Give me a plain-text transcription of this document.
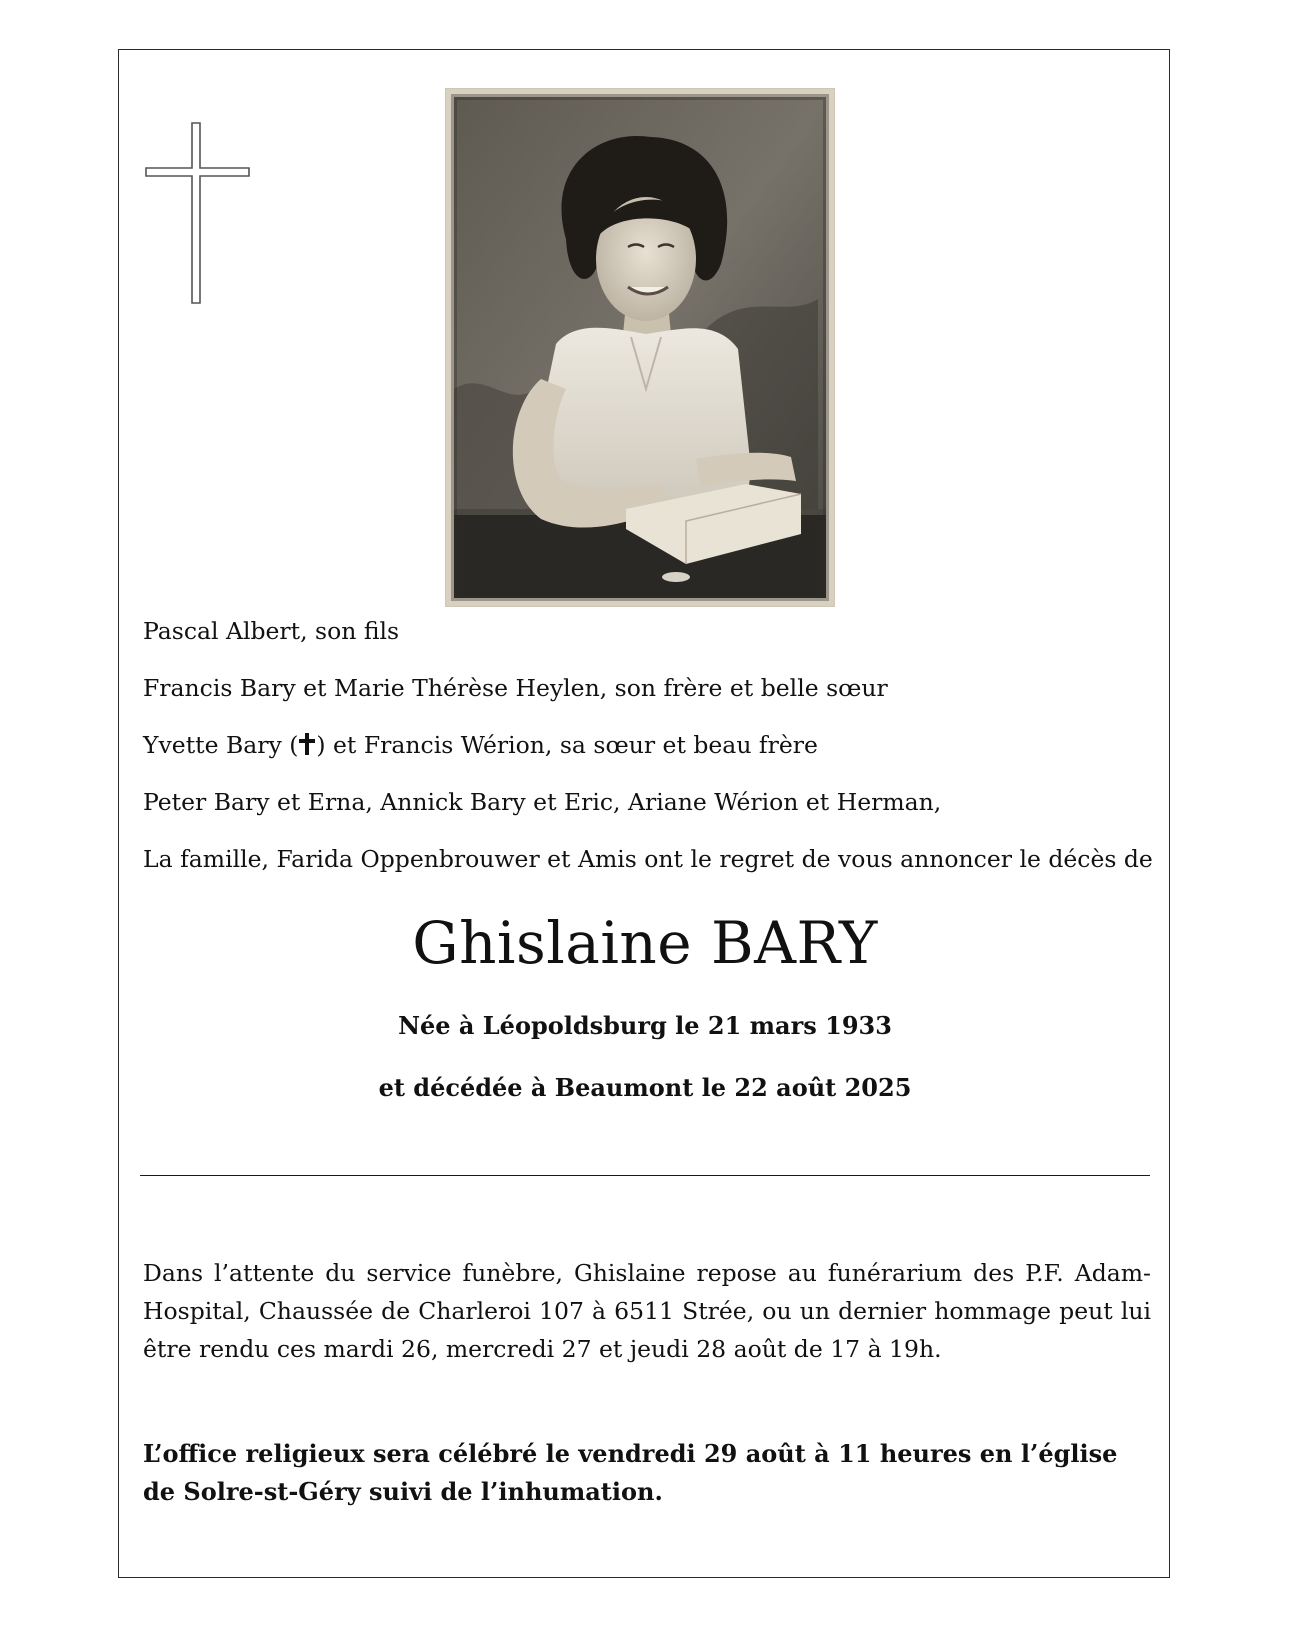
Pascal Albert, son fils
Francis Bary et Marie Thérèse Heylen, son frère et belle sœur
Yvette Bary ( ) et Francis Wérion, sa sœur et beau frère
Peter Bary et Erna, Annick Bary et Eric, Ariane Wérion et Herman,
La famille, Farida Oppenbrouwer et Amis ont le regret de vous annoncer le décès de
Ghislaine BARY
Née à Léopoldsburg le 21 mars 1933
et décédée à Beaumont le 22 août 2025
Dans l’attente du service funèbre, Ghislaine repose au funérarium des P.F. Adam-Hospital, Chaussée de Charleroi 107 à 6511 Strée, ou un dernier hommage peut lui être rendu ces mardi 26, mercredi 27 et jeudi 28 août de 17 à 19h.
L’office religieux sera célébré le vendredi 29 août à 11 heures en l’église de Solre-st-Géry suivi de l’inhumation.
